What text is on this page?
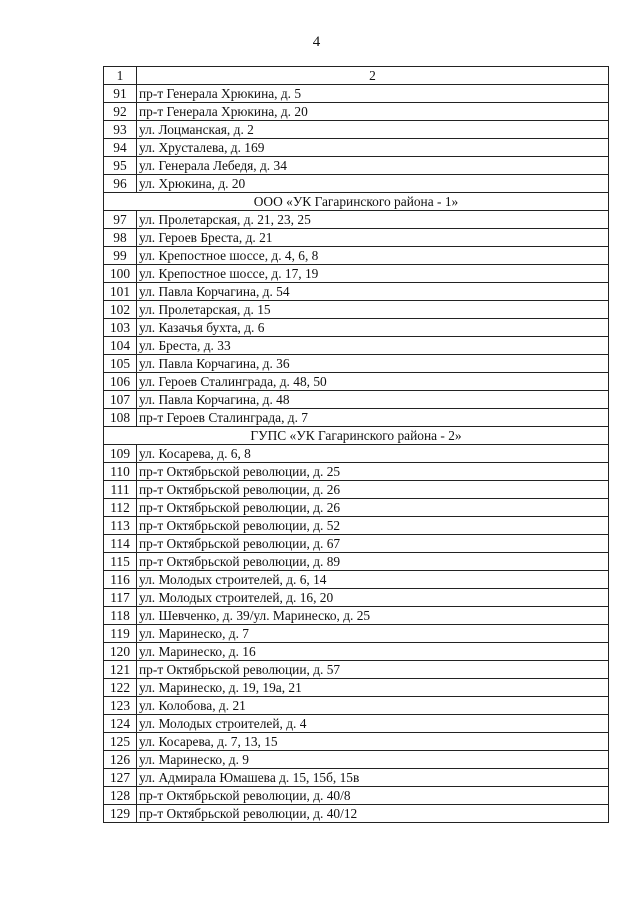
4
1	2
91	пр-т Генерала Хрюкина, д. 5
92	пр-т Генерала Хрюкина, д. 20
93	ул. Лоцманская, д. 2
94	ул. Хрусталева, д. 169
95	ул. Генерала Лебедя, д. 34
96	ул. Хрюкина, д. 20
ООО «УК Гагаринского района - 1»	
97	ул. Пролетарская, д. 21, 23, 25
98	ул. Героев Бреста, д. 21
99	ул. Крепостное шоссе, д. 4, 6, 8
100	ул. Крепостное шоссе, д. 17, 19
101	ул. Павла Корчагина, д. 54
102	ул. Пролетарская, д. 15
103	ул. Казачья бухта, д. 6
104	ул. Бреста, д. 33
105	ул. Павла Корчагина, д. 36
106	ул. Героев Сталинграда, д. 48, 50
107	ул. Павла Корчагина, д. 48
108	пр-т Героев Сталинграда, д. 7
ГУПС «УК Гагаринского района - 2»	
109	ул. Косарева, д. 6, 8
110	пр-т Октябрьской революции, д. 25
111	пр-т Октябрьской революции, д. 26
112	пр-т Октябрьской революции, д. 26
113	пр-т Октябрьской революции, д. 52
114	пр-т Октябрьской революции, д. 67
115	пр-т Октябрьской революции, д. 89
116	ул. Молодых строителей, д. 6, 14
117	ул. Молодых строителей, д. 16, 20
118	ул. Шевченко, д. 39/ул. Маринеско, д. 25
119	ул. Маринеско, д. 7
120	ул. Маринеско, д. 16
121	пр-т Октябрьской революции, д. 57
122	ул. Маринеско, д. 19, 19а, 21
123	ул. Колобова, д. 21
124	ул. Молодых строителей, д. 4
125	ул. Косарева, д. 7, 13, 15
126	ул. Маринеско, д. 9
127	ул. Адмирала Юмашева д. 15, 15б, 15в
128	пр-т Октябрьской революции, д. 40/8
129	пр-т Октябрьской революции, д. 40/12
